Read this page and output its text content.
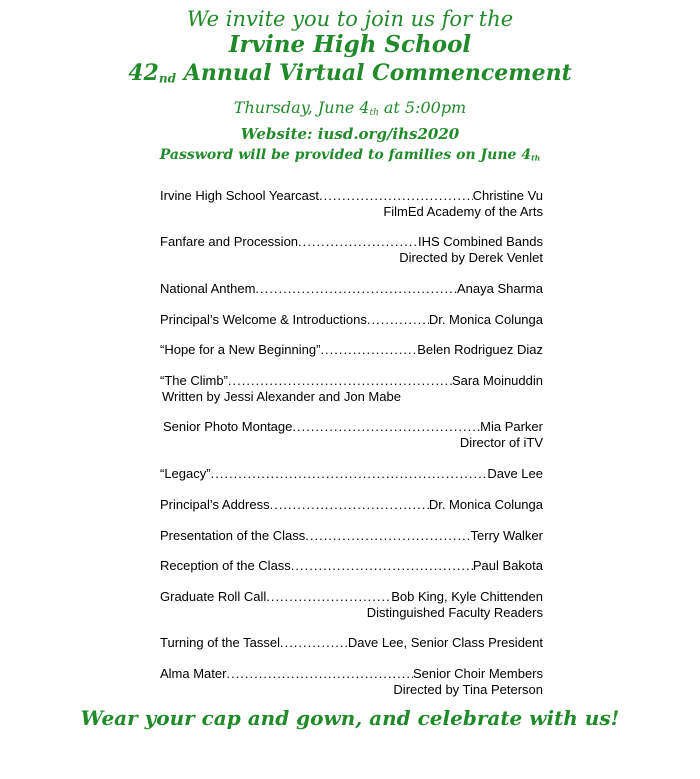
We invite you to join us for the
Irvine High School
$42_{nd}$ Annual Virtual Commencement
Thursday, June $4_{th}$ at 5:00pm
Website: iusd.org/ihs2020
Password will be provided to families on June $4_{th}$
Irvine High School Yearcast .....	Christine Vu
FilmEd Academy of the Arts
Fanfare and Procession .....	IHS Combined Bands
Directed by Derek Venlet
National Anthem .....	Anaya Sharma
Principal’s Welcome & Introductions .....	Dr. Monica Colunga
“Hope for a New Beginning” .....	Belen Rodriguez Diaz
“The Climb” .....	Sara Moinuddin
Written by Jessi Alexander and Jon Mabe
Senior Photo Montage .....	Mia Parker
Director of iTV
“Legacy” .....	Dave Lee
Principal’s Address .....	Dr. Monica Colunga
Presentation of the Class .....	Terry Walker
Reception of the Class .....	Paul Bakota
Graduate Roll Call .....	Bob King, Kyle Chittenden
Distinguished Faculty Readers
Turning of the Tassel .....	Dave Lee, Senior Class President
Alma Mater .....	Senior Choir Members
Directed by Tina Peterson
Wear your cap and gown, and celebrate with us!
